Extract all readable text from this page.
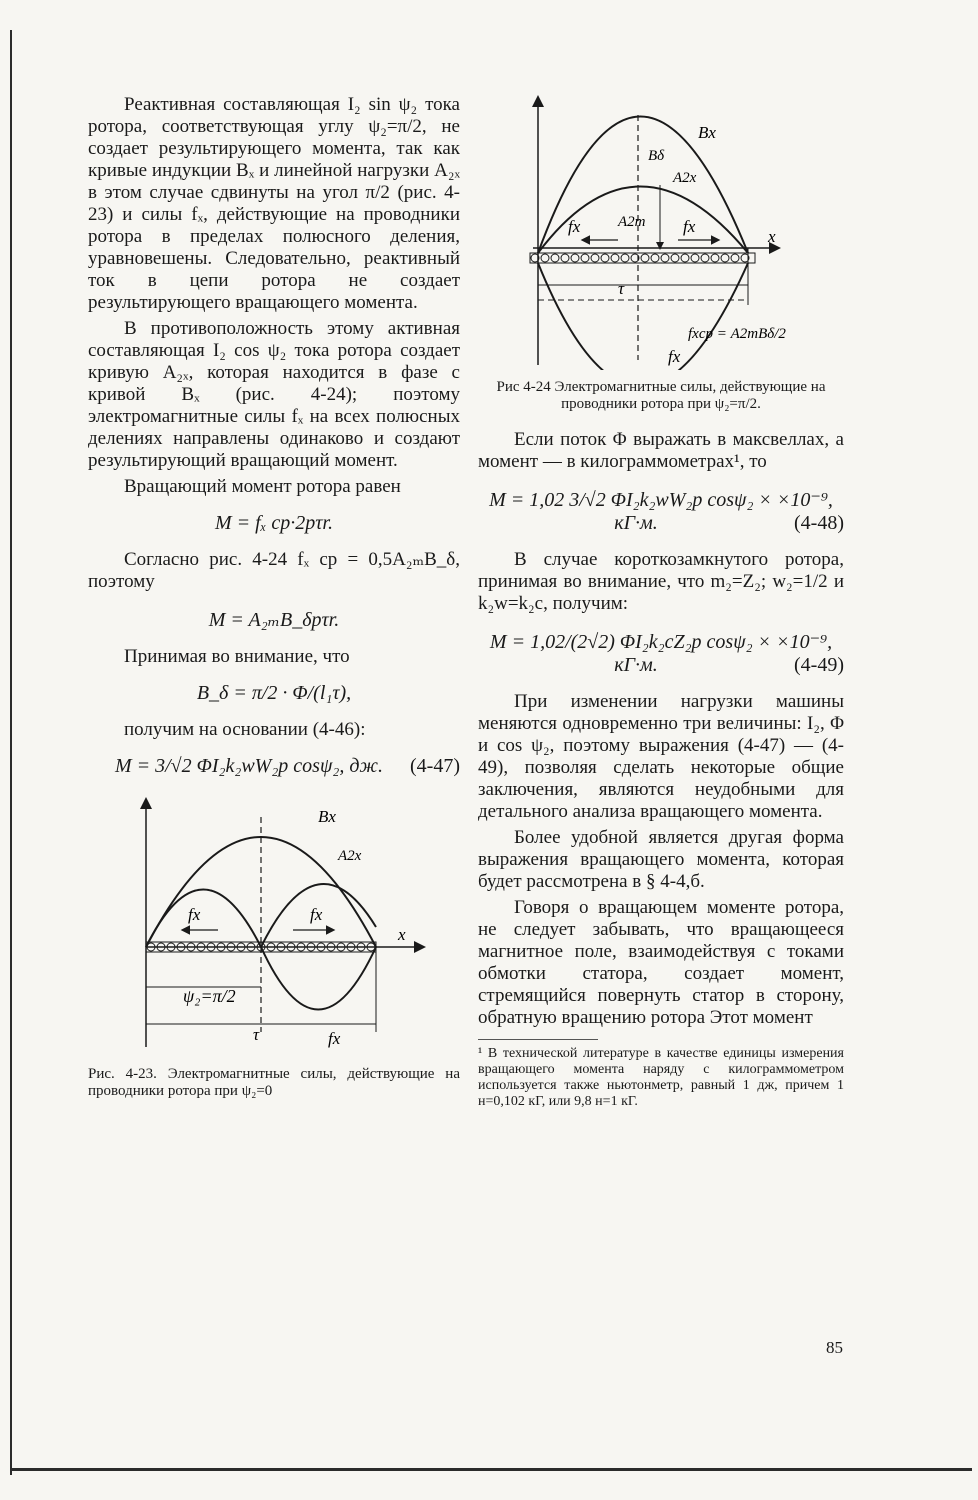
Реактивная составляющая I₂ sin ψ₂ тока ротора, соответствующая углу ψ₂=π/2, не создает результирующего момента, так как кривые индукции Bₓ и линейной нагрузки A₂ₓ в этом случае сдвинуты на угол π/2 (рис. 4-23) и силы fₓ, действующие на проводники ротора в пределах полюсного деления, уравновешены. Следовательно, реактивный ток в цепи ротора не создает результирующего вращающего момента.

В противоположность этому активная составляющая I₂ cos ψ₂ тока ротора создает кривую A₂ₓ, которая находится в фазе с кривой Bₓ (рис. 4-24); поэтому электромагнитные силы fₓ на всех полюсных делениях направлены одинаково и создают результирующий вращающий момент.

Вращающий момент ротора равен

M = fₓ ср·2pτr.

Согласно рис. 4-24 fₓ ср = 0,5A₂ₘB_δ, поэтому

M = A₂ₘB_δpτr.

Принимая во внимание, что

B_δ = π/2 · Φ/(l₁τ),

получим на основании (4-46):

M = 3/√2 ΦI₂k₂wW₂p cosψ₂, дж. (4-47)
Bx
A2x
fx	fx
fx
x
ψ₂=π/2
τ

Рис. 4-23. Электромагнитные силы, действующие на проводники ротора при ψ₂=0

Bx
Bδ
A2x
A2m
fx	fx
fx
x
τ
fxср = A2mBδ/2

Рис 4-24 Электромагнитные силы, действующие на проводники ротора при ψ₂=π/2.

Если поток Φ выражать в максвеллах, а момент — в килограммометрах¹, то

M = 1,02 3/√2 ΦI₂k₂wW₂p cosψ₂ × ×10⁻⁹, кГ·м.	(4-48)

В случае короткозамкнутого ротора, принимая во внимание, что m₂=Z₂; w₂=1/2 и k₂w=k₂c, получим:

M = 1,02/(2√2) ΦI₂k₂cZ₂p cosψ₂ × ×10⁻⁹, кГ·м.	(4-49)

При изменении нагрузки машины меняются одновременно три величины: I₂, Φ и cos ψ₂, поэтому выражения (4-47) — (4-49), позволяя сделать некоторые общие заключения, являются неудобными для детального анализа вращающего момента.

Более удобной является другая форма выражения вращающего момента, которая будет рассмотрена в § 4-4,б.

Говоря о вращающем моменте ротора, не следует забывать, что вращающееся магнитное поле, взаимодействуя с токами обмотки статора, создает момент, стремящийся повернуть статор в сторону, обратную вращению ротора Этот момент

¹ В технической литературе в качестве единицы измерения вращающего момента наряду с килограммометром используется также ньютонметр, равный 1 дж, причем 1 н=0,102 кГ, или 9,8 н=1 кГ.

85
